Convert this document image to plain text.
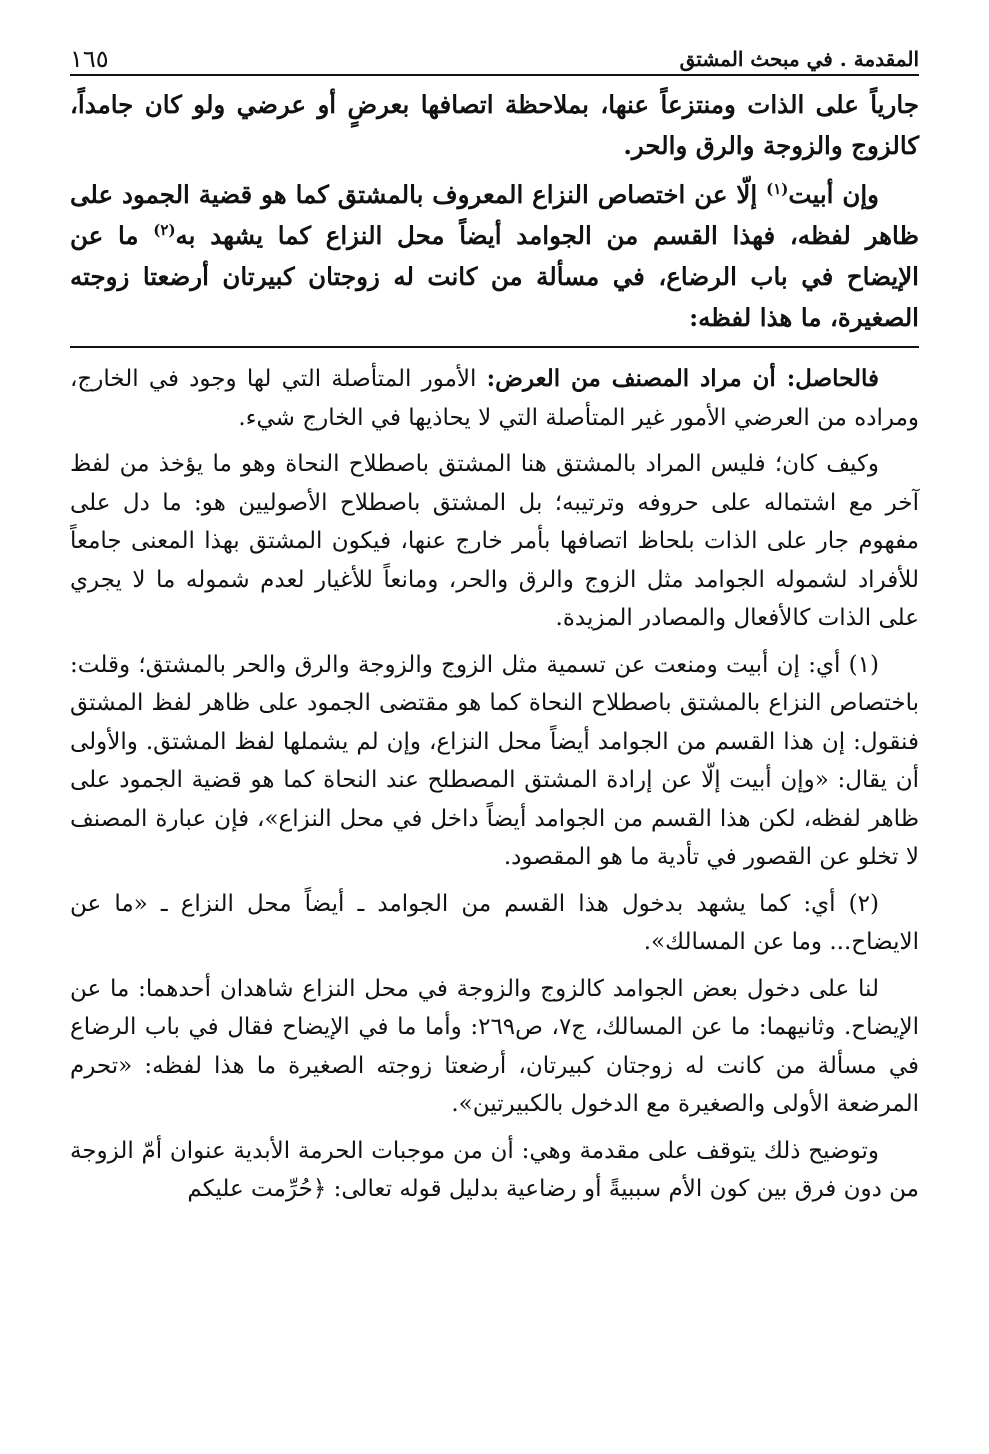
المقدمة . في مبحث المشتق
١٦٥

جارياً على الذات ومنتزعاً عنها، بملاحظة اتصافها بعرضٍ أو عرضي ولو كان جامداً، كالزوج والزوجة والرق والحر.

وإن أبيت$^{(١)}$ إلّا عن اختصاص النزاع المعروف بالمشتق كما هو قضية الجمود على ظاهر لفظه، فهذا القسم من الجوامد أيضاً محل النزاع كما يشهد به$^{(٢)}$ ما عن الإيضاح في باب الرضاع، في مسألة من كانت له زوجتان كبيرتان أرضعتا زوجته الصغيرة، ما هذا لفظه:

فالحاصل: أن مراد المصنف من العرض: الأمور المتأصلة التي لها وجود في الخارج، ومراده من العرضي الأمور غير المتأصلة التي لا يحاذيها في الخارج شيء.

وكيف كان؛ فليس المراد بالمشتق هنا المشتق باصطلاح النحاة وهو ما يؤخذ من لفظ آخر مع اشتماله على حروفه وترتيبه؛ بل المشتق باصطلاح الأصوليين هو: ما دل على مفهوم جار على الذات بلحاظ اتصافها بأمر خارج عنها، فيكون المشتق بهذا المعنى جامعاً للأفراد لشموله الجوامد مثل الزوج والرق والحر، ومانعاً للأغيار لعدم شموله ما لا يجري على الذات كالأفعال والمصادر المزيدة.

(١) أي: إن أبيت ومنعت عن تسمية مثل الزوج والزوجة والرق والحر بالمشتق؛ وقلت: باختصاص النزاع بالمشتق باصطلاح النحاة كما هو مقتضى الجمود على ظاهر لفظ المشتق فنقول: إن هذا القسم من الجوامد أيضاً محل النزاع، وإن لم يشملها لفظ المشتق. والأولى أن يقال: «وإن أبيت إلّا عن إرادة المشتق المصطلح عند النحاة كما هو قضية الجمود على ظاهر لفظه، لكن هذا القسم من الجوامد أيضاً داخل في محل النزاع»، فإن عبارة المصنف لا تخلو عن القصور في تأدية ما هو المقصود.

(٢) أي: كما يشهد بدخول هذا القسم من الجوامد ـ أيضاً محل النزاع ـ «ما عن الايضاح... وما عن المسالك».

لنا على دخول بعض الجوامد كالزوج والزوجة في محل النزاع شاهدان أحدهما: ما عن الإيضاح. وثانيهما: ما عن المسالك، ج٧، ص٢٦٩: وأما ما في الإيضاح فقال في باب الرضاع في مسألة من كانت له زوجتان كبيرتان، أرضعتا زوجته الصغيرة ما هذا لفظه: «تحرم المرضعة الأولى والصغيرة مع الدخول بالكبيرتين».

وتوضيح ذلك يتوقف على مقدمة وهي: أن من موجبات الحرمة الأبدية عنوان أمّ الزوجة من دون فرق بين كون الأم سببيةً أو رضاعية بدليل قوله تعالى: ﴿حُرِّمت عليكم
